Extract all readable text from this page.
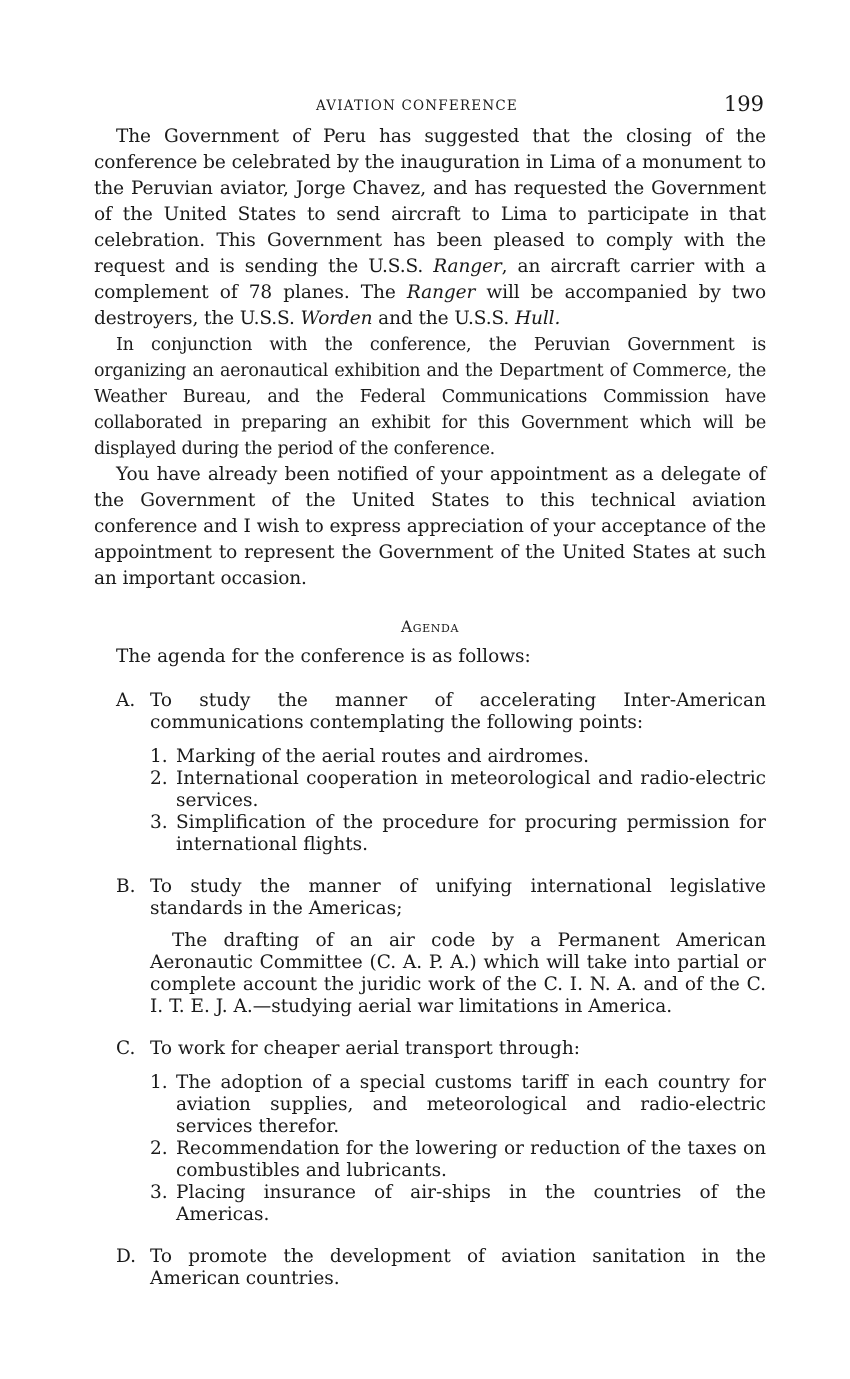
AVIATION CONFERENCE	199

The Government of Peru has suggested that the closing of the conference be celebrated by the inauguration in Lima of a monument to the Peruvian aviator, Jorge Chavez, and has requested the Government of the United States to send aircraft to Lima to participate in that celebration. This Government has been pleased to comply with the request and is sending the U.S.S. Ranger, an aircraft carrier with a complement of 78 planes. The Ranger will be accompanied by two destroyers, the U.S.S. Worden and the U.S.S. Hull.

In conjunction with the conference, the Peruvian Government is organizing an aeronautical exhibition and the Department of Commerce, the Weather Bureau, and the Federal Communications Commission have collaborated in preparing an exhibit for this Government which will be displayed during the period of the conference.

You have already been notified of your appointment as a delegate of the Government of the United States to this technical aviation conference and I wish to express appreciation of your acceptance of the appointment to represent the Government of the United States at such an important occasion.

Agenda

The agenda for the conference is as follows:

A. To study the manner of accelerating Inter-American communications contemplating the following points:
1. Marking of the aerial routes and airdromes.
2. International cooperation in meteorological and radio-electric services.
3. Simplification of the procedure for procuring permission for international flights.
B. To study the manner of unifying international legislative standards in the Americas;

The drafting of an air code by a Permanent American Aeronautic Committee (C. A. P. A.) which will take into partial or complete account the juridic work of the C. I. N. A. and of the C. I. T. E. J. A.—studying aerial war limitations in America.

C. To work for cheaper aerial transport through:
1. The adoption of a special customs tariff in each country for aviation supplies, and meteorological and radio-electric services therefor.
2. Recommendation for the lowering or reduction of the taxes on combustibles and lubricants.
3. Placing insurance of air-ships in the countries of the Americas.
D. To promote the development of aviation sanitation in the American countries.
